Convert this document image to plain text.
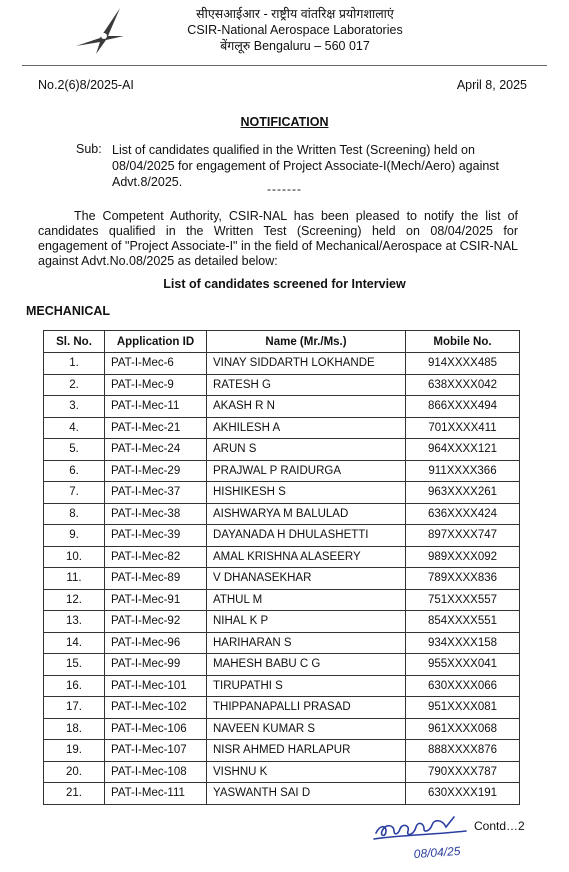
सीएसआईआर - राष्ट्रीय वांतरिक्ष प्रयोगशालाएं
CSIR-National Aerospace Laboratories
बेंगलूरु Bengaluru – 560 017
No.2(6)8/2025-AI	April 8, 2025
NOTIFICATION
Sub: List of candidates qualified in the Written Test (Screening) held on 08/04/2025 for engagement of Project Associate-I(Mech/Aero) against Advt.8/2025.	-------
The Competent Authority, CSIR-NAL has been pleased to notify the list of candidates qualified in the Written Test (Screening) held on 08/04/2025 for engagement of "Project Associate-I" in the field of Mechanical/Aerospace at CSIR-NAL against Advt.No.08/2025 as detailed below:
List of candidates screened for Interview
MECHANICAL
Sl. No.	Application ID	Name (Mr./Ms.)	Mobile No.
1.	PAT-I-Mec-6	VINAY SIDDARTH LOKHANDE	914XXXX485
2.	PAT-I-Mec-9	RATESH G	638XXXX042
3.	PAT-I-Mec-11	AKASH R N	866XXXX494
4.	PAT-I-Mec-21	AKHILESH A	701XXXX411
5.	PAT-I-Mec-24	ARUN S	964XXXX121
6.	PAT-I-Mec-29	PRAJWAL P RAIDURGA	911XXXX366
7.	PAT-I-Mec-37	HISHIKESH S	963XXXX261
8.	PAT-I-Mec-38	AISHWARYA M BALULAD	636XXXX424
9.	PAT-I-Mec-39	DAYANADA H DHULASHETTI	897XXXX747
10.	PAT-I-Mec-82	AMAL KRISHNA ALASEERY	989XXXX092
11.	PAT-I-Mec-89	V DHANASEKHAR	789XXXX836
12.	PAT-I-Mec-91	ATHUL M	751XXXX557
13.	PAT-I-Mec-92	NIHAL K P	854XXXX551
14.	PAT-I-Mec-96	HARIHARAN S	934XXXX158
15.	PAT-I-Mec-99	MAHESH BABU C G	955XXXX041
16.	PAT-I-Mec-101	TIRUPATHI S	630XXXX066
17.	PAT-I-Mec-102	THIPPANAPALLI PRASAD	951XXXX081
18.	PAT-I-Mec-106	NAVEEN KUMAR S	961XXXX068
19.	PAT-I-Mec-107	NISR AHMED HARLAPUR	888XXXX876
20.	PAT-I-Mec-108	VISHNU K	790XXXX787
21.	PAT-I-Mec-111	YASWANTH SAI D	630XXXX191
08/04/25
Contd…2
